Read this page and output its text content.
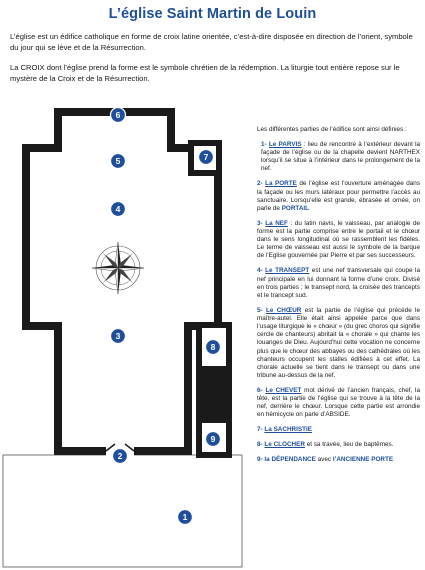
L’église Saint Martin de Louin

L’église est un édifice catholique en forme de croix latine orientée, c’est-à-dire disposée en direction de l’orient, symbole du jour qui se lève et de la Résurrection.

La CROIX dont l’église prend la forme est le symbole chrétien de la rédemption. La liturgie tout entière repose sur le mystère de la Croix et de la Résurrection.

6
5	7
4
3
8
9
2
1

Les différentes parties de l’édifice sont ainsi définies :

1- Le PARVIS : lieu de rencontre à l’extérieur devant la façade de l’église ou de la chapelle devient NARTHEX lorsqu’il se situe à l’intérieur dans le prolongement de la nef.

2- La PORTE de l’église est l’ouverture aménagée dans la façade ou les murs latéraux pour permettre l’accès au sanctuaire. Lorsqu’elle est grande, ébrasée et ornée, on parle de PORTAIL

3- La NEF : du latin navis, le vaisseau, par analogie de forme est la partie comprise entre le portail et le chœur dans le sens longitudinal où se rassemblent les fidèles. Le terme de vaisseau est aussi le symbole de la barque de l’Eglise gouvernée par Pierre et par ses successeurs.

4- Le TRANSEPT est une nef transversale qui coupe la nef principale en lui donnant la forme d’une croix. Divisé en trois parties ; le transept nord, la croisée des trancepts et le trancept sud.

5- Le CHŒUR est la partie de l’église qui précède le maître-autel. Elle était ainsi appelée parce que dans l’usage liturgique le « chœur » (du grec choros qui signifie cercle de chanteurs) abritait la « chorale » qui chante les louanges de Dieu. Aujourd’hui cette vocation ne concerne plus que le chœur des abbayes ou des cathédrales où les chanteurs occupent les stalles édifiées à cet effet. La chorale actuelle se tient dans le transept ou dans une tribune au-dessus de la nef.

6- Le CHEVET mot dérivé de l’ancien français, chef, la tête, est la partie de l’église qui se trouve à la tête de la nef, derrière le chœur. Lorsque cette partie est arrondie en hémicycle on parle d’ABSIDE.

7- La SACHRISTIE

8- Le CLOCHER et sa travée, lieu de baptêmes.

9- la DÉPENDANCE avec l’ANCIENNE PORTE
